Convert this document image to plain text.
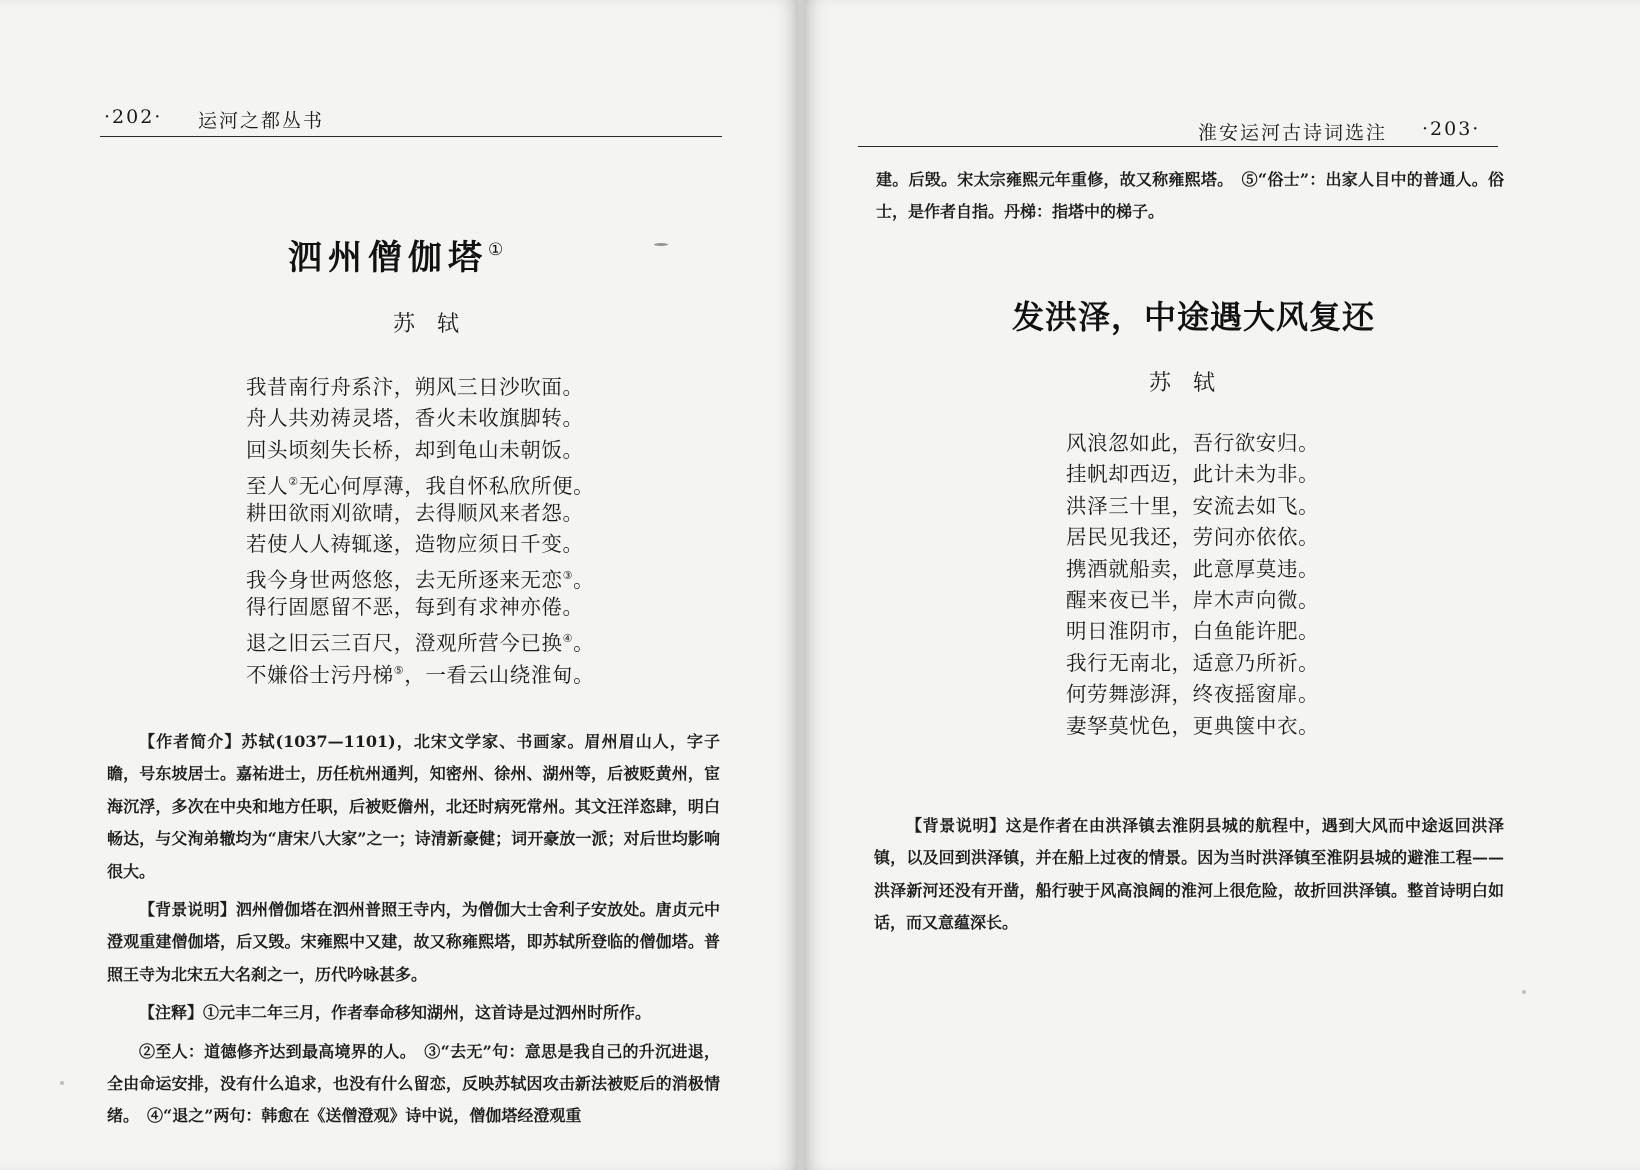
·202· 运河之都丛书
泗州僧伽塔①
苏　轼
我昔南行舟系汴，朔风三日沙吹面。
舟人共劝祷灵塔，香火未收旗脚转。
回头顷刻失长桥，却到龟山未朝饭。
至人②无心何厚薄，我自怀私欣所便。
耕田欲雨刈欲晴，去得顺风来者怨。
若使人人祷辄遂，造物应须日千变。
我今身世两悠悠，去无所逐来无恋③。
得行固愿留不恶，每到有求神亦倦。
退之旧云三百尺，澄观所营今已换④。
不嫌俗士污丹梯⑤，一看云山绕淮甸。

【作者简介】苏轼(1037—1101)，北宋文学家、书画家。眉州眉山人，字子瞻，号东坡居士。嘉祐进士，历任杭州通判，知密州、徐州、湖州等，后被贬黄州，宦海沉浮，多次在中央和地方任职，后被贬儋州，北还时病死常州。其文汪洋恣肆，明白畅达，与父洵弟辙均为“唐宋八大家”之一；诗清新豪健；词开豪放一派；对后世均影响很大。

【背景说明】泗州僧伽塔在泗州普照王寺内，为僧伽大士舍利子安放处。唐贞元中澄观重建僧伽塔，后又毁。宋雍熙中又建，故又称雍熙塔，即苏轼所登临的僧伽塔。普照王寺为北宋五大名刹之一，历代吟咏甚多。

【注释】①元丰二年三月，作者奉命移知湖州，这首诗是过泗州时所作。

②至人：道德修齐达到最高境界的人。　③“去无”句：意思是我自己的升沉进退，全由命运安排，没有什么追求，也没有什么留恋，反映苏轼因攻击新法被贬后的消极情绪。　④“退之”两句：韩愈在《送僧澄观》诗中说，僧伽塔经澄观重

淮安运河古诗词选注 ·203·

建。后毁。宋太宗雍熙元年重修，故又称雍熙塔。　⑤“俗士”：出家人目中的普通人。俗士，是作者自指。丹梯：指塔中的梯子。

发洪泽，中途遇大风复还
苏　轼
风浪忽如此，吾行欲安归。
挂帆却西迈，此计未为非。
洪泽三十里，安流去如飞。
居民见我还，劳问亦依依。
携酒就船卖，此意厚莫违。
醒来夜已半，岸木声向微。
明日淮阴市，白鱼能许肥。
我行无南北，适意乃所祈。
何劳舞澎湃，终夜摇窗扉。
妻孥莫忧色，更典箧中衣。

【背景说明】这是作者在由洪泽镇去淮阴县城的航程中，遇到大风而中途返回洪泽镇，以及回到洪泽镇，并在船上过夜的情景。因为当时洪泽镇至淮阴县城的避淮工程——洪泽新河还没有开凿，船行驶于风高浪阔的淮河上很危险，故折回洪泽镇。整首诗明白如话，而又意蕴深长。
